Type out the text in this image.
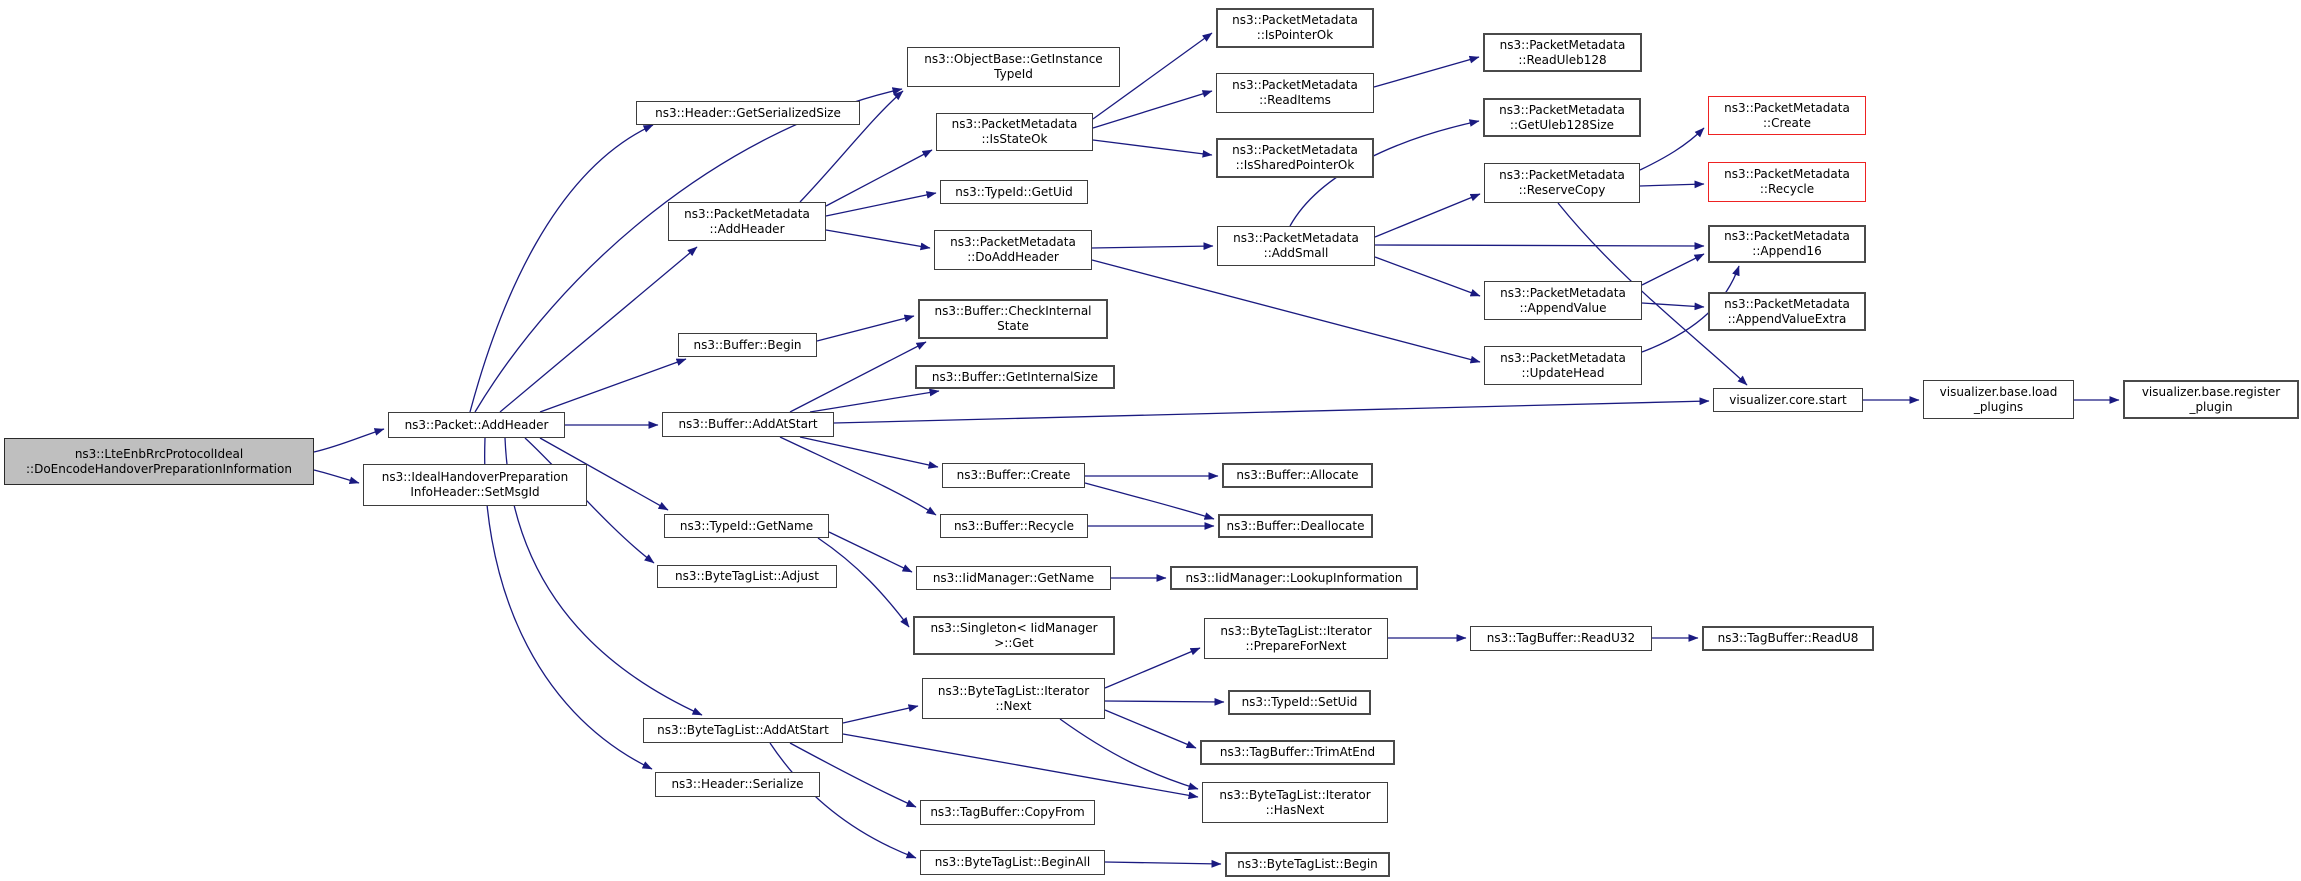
ns3::LteEnbRrcProtocolIdeal
::DoEncodeHandoverPreparationInformation
ns3::Packet::AddHeader
ns3::IdealHandoverPreparation
InfoHeader::SetMsgId
ns3::Header::GetSerializedSize
ns3::ObjectBase::GetInstance
TypeId
ns3::PacketMetadata
::AddHeader
ns3::PacketMetadata
::IsStateOk
ns3::TypeId::GetUid
ns3::PacketMetadata
::DoAddHeader
ns3::PacketMetadata
::IsPointerOk
ns3::PacketMetadata
::ReadItems
ns3::PacketMetadata
::IsSharedPointerOk
ns3::PacketMetadata
::ReadUleb128
ns3::PacketMetadata
::GetUleb128Size
ns3::PacketMetadata
::ReserveCopy
ns3::PacketMetadata
::Create
ns3::PacketMetadata
::Recycle
ns3::PacketMetadata
::Append16
ns3::PacketMetadata
::AddSmall
ns3::PacketMetadata
::AppendValue	ns3::PacketMetadata
::AppendValueExtra
ns3::PacketMetadata
::UpdateHead
ns3::Buffer::CheckInternal
State
ns3::Buffer::Begin
ns3::Buffer::GetInternalSize
ns3::Buffer::AddAtStart
visualizer.core.start
visualizer.base.load
_plugins
visualizer.base.register
_plugin
ns3::Buffer::Create	ns3::Buffer::Allocate
ns3::TypeId::GetName	ns3::Buffer::Recycle	ns3::Buffer::Deallocate
ns3::ByteTagList::Adjust	ns3::IidManager::GetName	ns3::IidManager::LookupInformation
ns3::Singleton< IidManager
>::Get
ns3::ByteTagList::Iterator
::PrepareForNext
ns3::TagBuffer::ReadU32	ns3::TagBuffer::ReadU8
ns3::ByteTagList::Iterator
::Next	ns3::TypeId::SetUid
ns3::TagBuffer::TrimAtEnd
ns3::ByteTagList::AddAtStart
ns3::Header::Serialize
ns3::TagBuffer::CopyFrom
ns3::ByteTagList::Iterator
::HasNext
ns3::ByteTagList::BeginAll	ns3::ByteTagList::Begin
